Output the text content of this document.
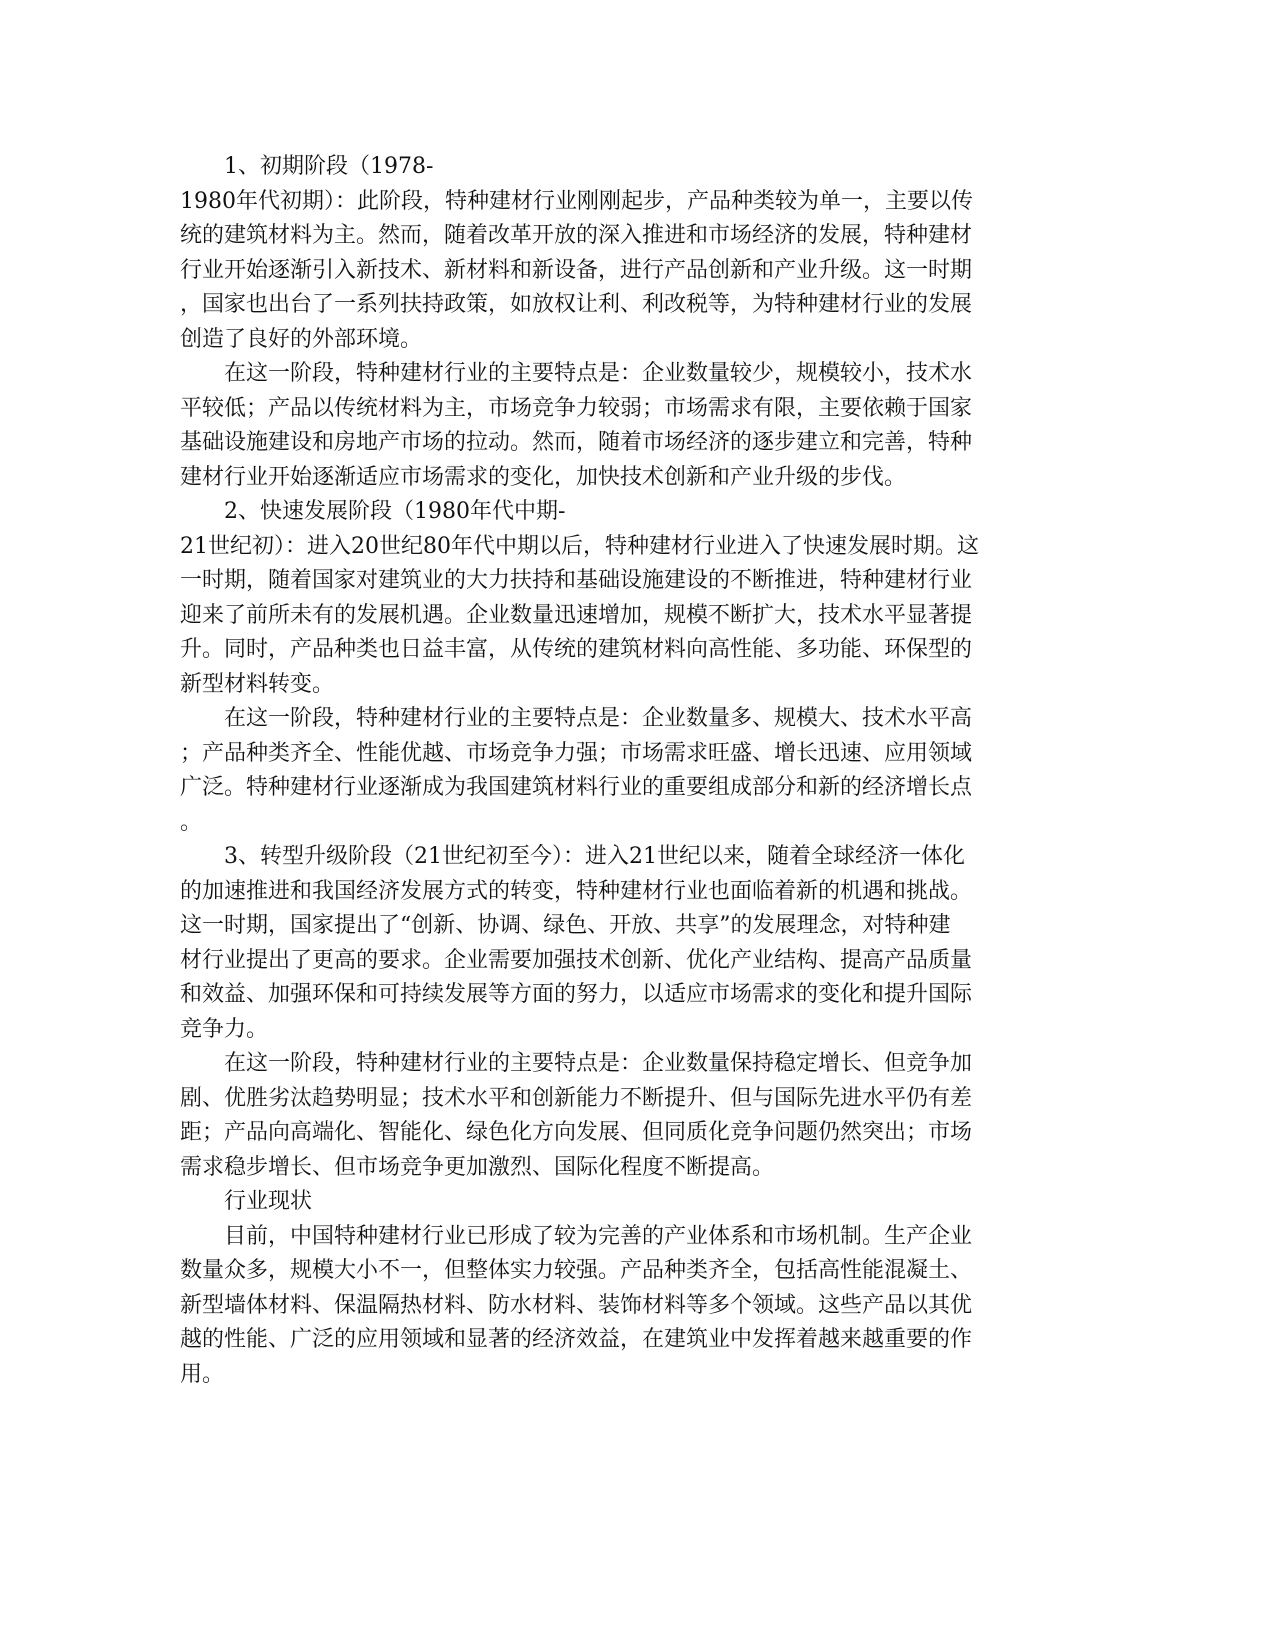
1、初期阶段（1978-
1980年代初期）：此阶段，特种建材行业刚刚起步，产品种类较为单一，主要以传
统的建筑材料为主。然而，随着改革开放的深入推进和市场经济的发展，特种建材
行业开始逐渐引入新技术、新材料和新设备，进行产品创新和产业升级。这一时期
，国家也出台了一系列扶持政策，如放权让利、利改税等，为特种建材行业的发展
创造了良好的外部环境。
在这一阶段，特种建材行业的主要特点是：企业数量较少，规模较小，技术水
平较低；产品以传统材料为主，市场竞争力较弱；市场需求有限，主要依赖于国家
基础设施建设和房地产市场的拉动。然而，随着市场经济的逐步建立和完善，特种
建材行业开始逐渐适应市场需求的变化，加快技术创新和产业升级的步伐。
2、快速发展阶段（1980年代中期-
21世纪初）：进入20世纪80年代中期以后，特种建材行业进入了快速发展时期。这
一时期，随着国家对建筑业的大力扶持和基础设施建设的不断推进，特种建材行业
迎来了前所未有的发展机遇。企业数量迅速增加，规模不断扩大，技术水平显著提
升。同时，产品种类也日益丰富，从传统的建筑材料向高性能、多功能、环保型的
新型材料转变。
在这一阶段，特种建材行业的主要特点是：企业数量多、规模大、技术水平高
；产品种类齐全、性能优越、市场竞争力强；市场需求旺盛、增长迅速、应用领域
广泛。特种建材行业逐渐成为我国建筑材料行业的重要组成部分和新的经济增长点
。
3、转型升级阶段（21世纪初至今）：进入21世纪以来，随着全球经济一体化
的加速推进和我国经济发展方式的转变，特种建材行业也面临着新的机遇和挑战。
这一时期，国家提出了“创新、协调、绿色、开放、共享”的发展理念，对特种建
材行业提出了更高的要求。企业需要加强技术创新、优化产业结构、提高产品质量
和效益、加强环保和可持续发展等方面的努力，以适应市场需求的变化和提升国际
竞争力。
在这一阶段，特种建材行业的主要特点是：企业数量保持稳定增长、但竞争加
剧、优胜劣汰趋势明显；技术水平和创新能力不断提升、但与国际先进水平仍有差
距；产品向高端化、智能化、绿色化方向发展、但同质化竞争问题仍然突出；市场
需求稳步增长、但市场竞争更加激烈、国际化程度不断提高。
行业现状
目前，中国特种建材行业已形成了较为完善的产业体系和市场机制。生产企业
数量众多，规模大小不一，但整体实力较强。产品种类齐全，包括高性能混凝土、
新型墙体材料、保温隔热材料、防水材料、装饰材料等多个领域。这些产品以其优
越的性能、广泛的应用领域和显著的经济效益，在建筑业中发挥着越来越重要的作
用。
